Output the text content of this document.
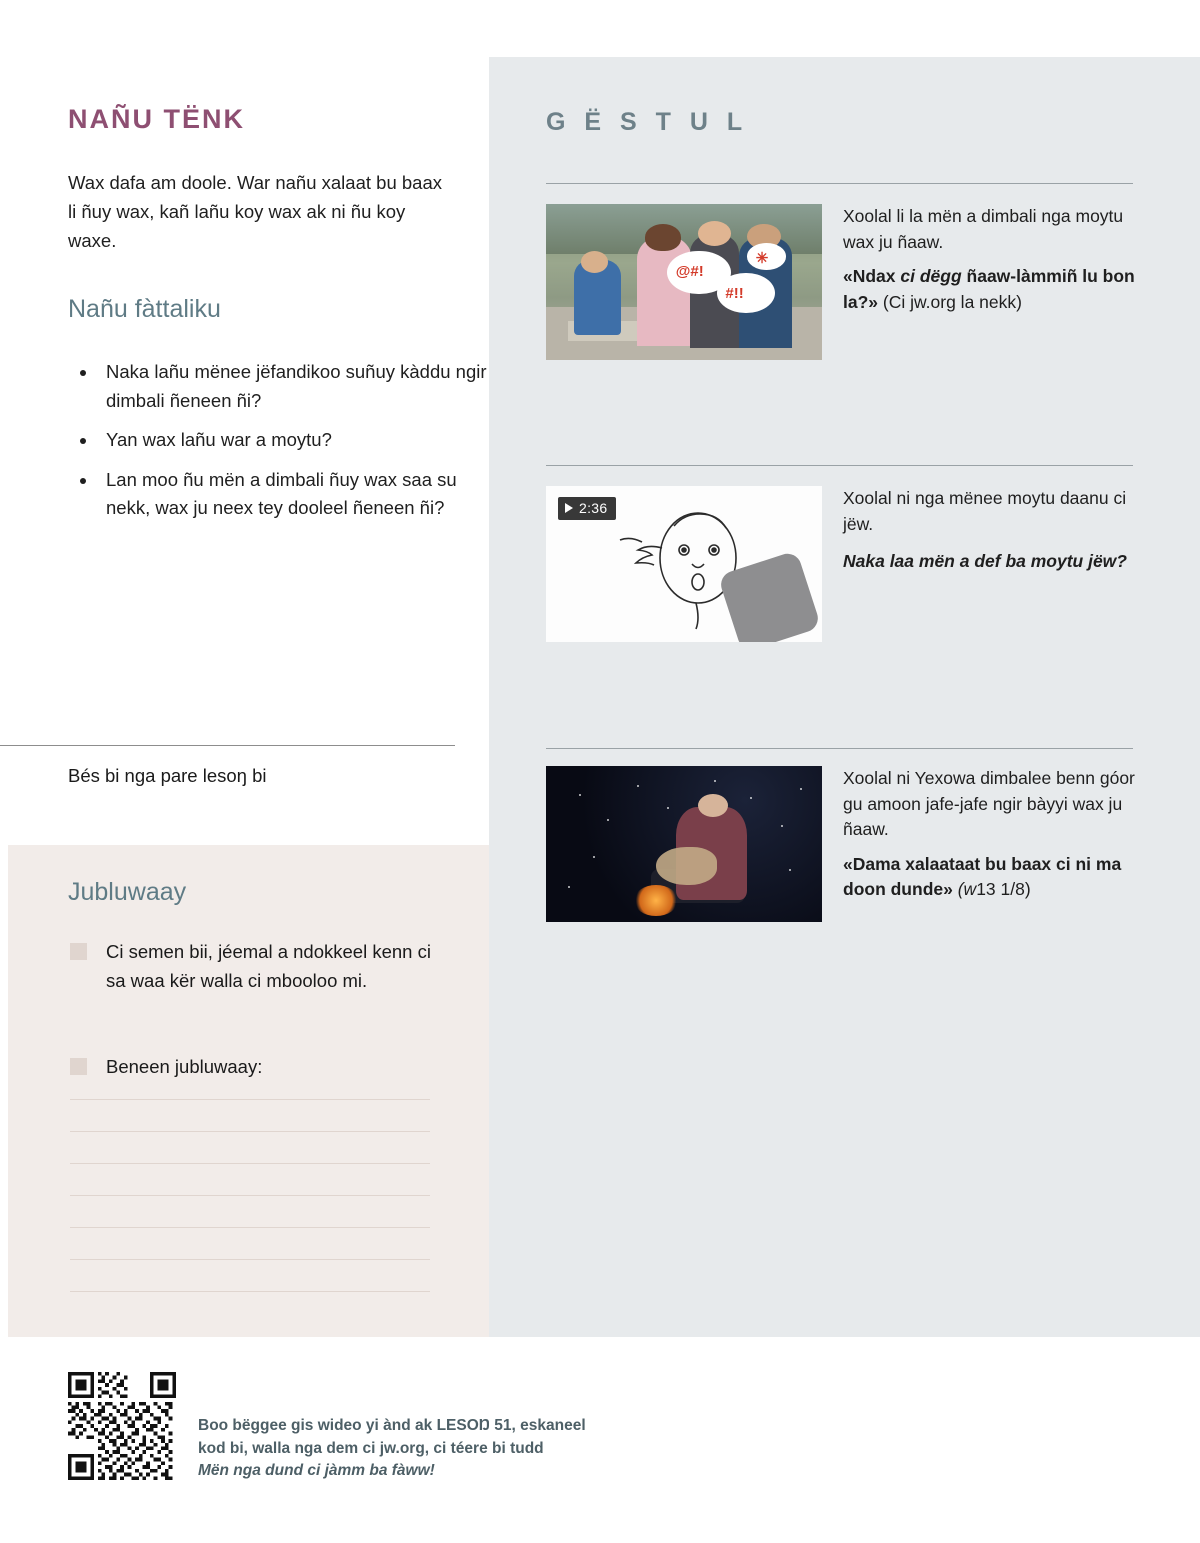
NAÑU TËNK
Wax dafa am doole. War nañu xalaat bu baax li ñuy wax, kañ lañu koy wax ak ni ñu koy waxe.
Nañu fàttaliku
• Naka lañu mënee jëfandikoo suñuy kàddu ngir dimbali ñeneen ñi?
• Yan wax lañu war a moytu?
• Lan moo ñu mën a dimbali ñuy wax saa su nekk, wax ju neex tey dooleel ñeneen ñi?
Bés bi nga pare lesoŋ bi
Jubluwaay
Ci semen bii, jéemal a ndokkeel kenn ci sa waa kër walla ci mbooloo mi.
Beneen jubluwaay:
G Ë S T U L
@#!
#!!
✳
Xoolal li la mën a dimbali nga moytu wax ju ñaaw.
«Ndax ci dëgg ñaaw-làmmiñ lu bon la?» (Ci jw.org la nekk)
2:36	Xoolal ni nga mënee moytu daanu ci jëw.
Naka laa mën a def ba moytu jëw?
Xoolal ni Yexowa dimbalee benn góor gu amoon jafe-jafe ngir bàyyi wax ju ñaaw.
«Dama xalaataat bu baax ci ni ma doon dunde» (w13 1/8)
Boo bëggee gis wideo yi ànd ak LESOŊ 51, eskaneel
kod bi, walla nga dem ci jw.org, ci téere bi tudd
Mën nga dund ci jàmm ba fàww!
